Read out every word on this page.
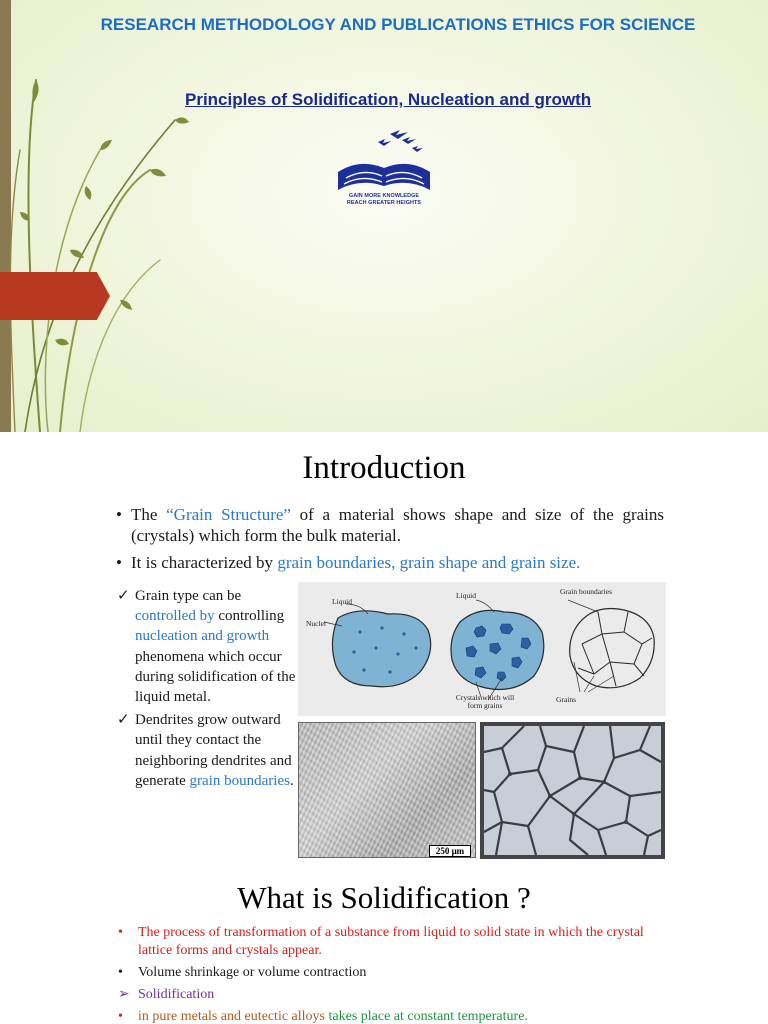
RESEARCH METHODOLOGY AND PUBLICATIONS ETHICS FOR SCIENCE
Principles of Solidification, Nucleation and growth
GAIN MORE KNOWLEDGE
REACH GREATER HEIGHTS
Introduction
• The “Grain Structure” of a material shows shape and size of the grains (crystals) which form the bulk material.
• It is characterized by grain boundaries, grain shape and grain size.
✓ Grain type can be controlled by controlling nucleation and growth phenomena which occur during solidification of the liquid metal.
✓ Dendrites grow outward until they contact the neighboring dendrites and generate grain boundaries.
Liquid
Nuclei
Liquid
Crystals which will form grains
Grain boundaries
Grains
250 μm
What is Solidification ?
• The process of transformation of a substance from liquid to solid state in which the crystal lattice forms and crystals appear.
• Volume shrinkage or volume contraction
➢ Solidification
• in pure metals and eutectic alloys takes place at constant temperature.
